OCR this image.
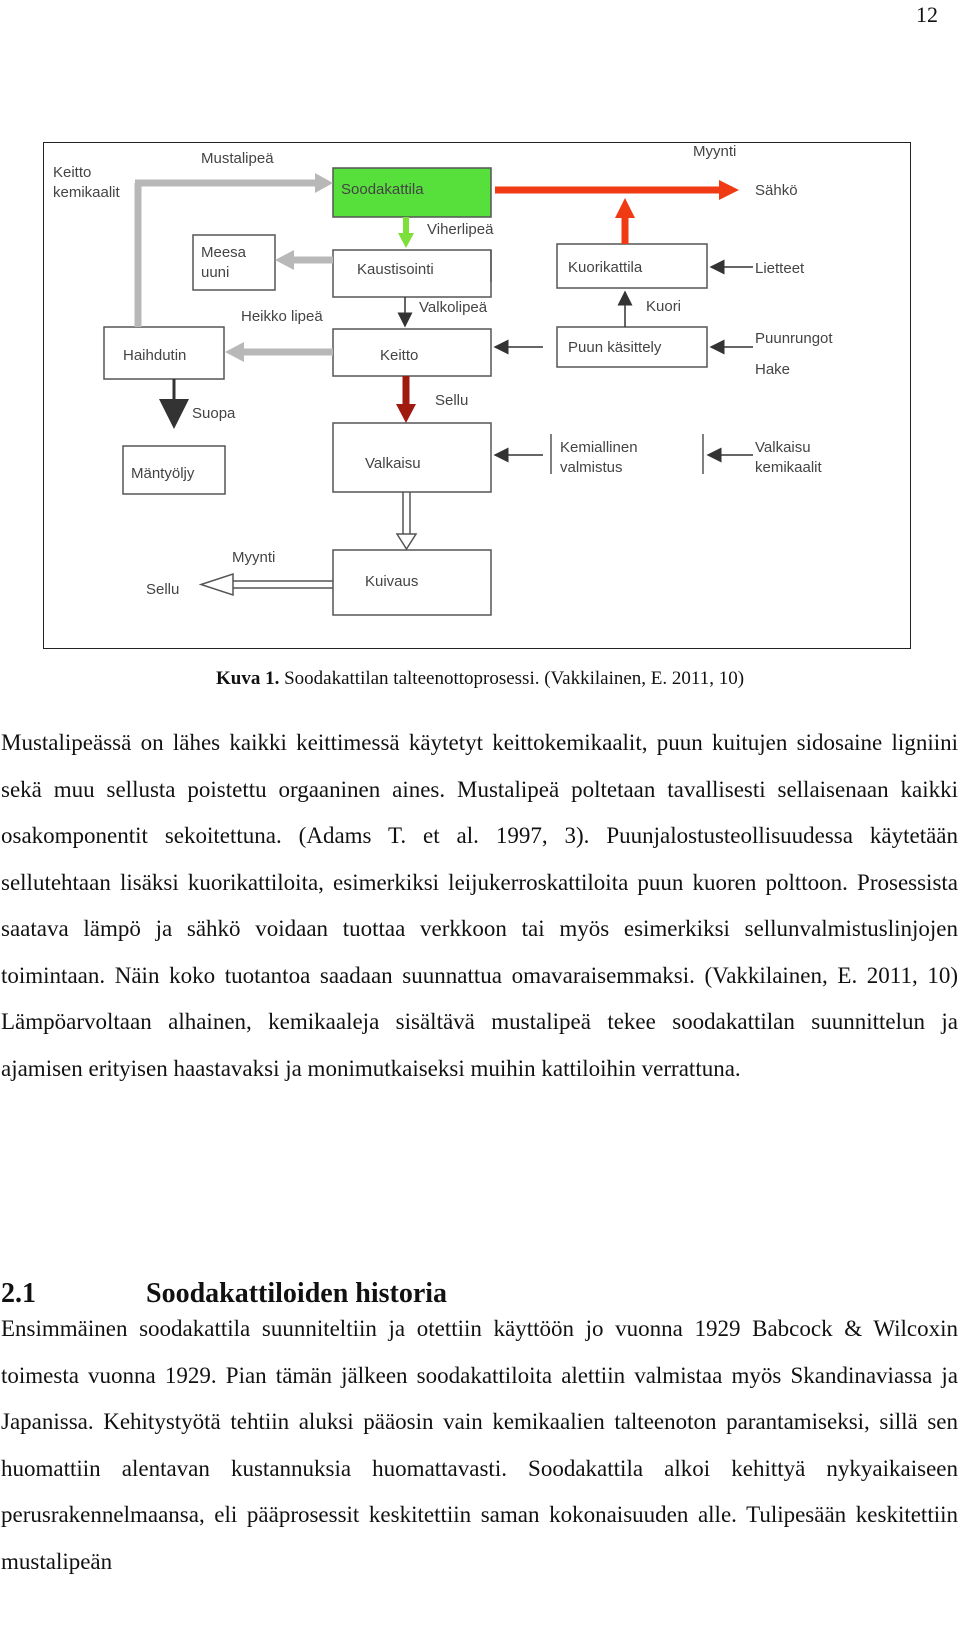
12
Keitto
kemikaalit
Mustalipeä
Soodakattila
Myynti
Sähkö
Viherlipeä
Meesa
uuni	Kaustisointi	Kuorikattila	Lietteet
Heikko lipeä
Valkolipeä	Kuori
Haihdutin	Keitto	Puun käsittely
Puunrungot
Hake
Suopa
Sellu
Mäntyöljy
Valkaisu
Kemiallinen
valmistus
Valkaisu
kemikaalit
Myynti
Sellu	Kuivaus
Kuva 1. Soodakattilan talteenottoprosessi. (Vakkilainen, E. 2011, 10)
Mustalipeässä on lähes kaikki keittimessä käytetyt keittokemikaalit, puun kuitujen sidosaine ligniini sekä muu sellusta poistettu orgaaninen aines. Mustalipeä poltetaan tavallisesti sellaisenaan kaikki osakomponentit sekoitettuna. (Adams T. et al. 1997, 3). Puunjalostusteollisuudessa käytetään sellutehtaan lisäksi kuorikattiloita, esimerkiksi leijukerroskattiloita puun kuoren polttoon. Prosessista saatava lämpö ja sähkö voidaan tuottaa verkkoon tai myös esimerkiksi sellunvalmistuslinjojen toimintaan. Näin koko tuotantoa saadaan suunnattua omavaraisemmaksi. (Vakkilainen, E. 2011, 10) Lämpöarvoltaan alhainen, kemikaaleja sisältävä mustalipeä tekee soodakattilan suunnittelun ja ajamisen erityisen haastavaksi ja monimutkaiseksi muihin kattiloihin verrattuna.
2.1	Soodakattiloiden historia
Ensimmäinen soodakattila suunniteltiin ja otettiin käyttöön jo vuonna 1929 Babcock & Wilcoxin toimesta vuonna 1929. Pian tämän jälkeen soodakattiloita alettiin valmistaa myös Skandinaviassa ja Japanissa. Kehitystyötä tehtiin aluksi pääosin vain kemikaalien talteenoton parantamiseksi, sillä sen huomattiin alentavan kustannuksia huomattavasti. Soodakattila alkoi kehittyä nykyaikaiseen perusrakennelmaansa, eli pääprosessit keskitettiin saman kokonaisuuden alle. Tulipesään keskitettiin mustalipeän
